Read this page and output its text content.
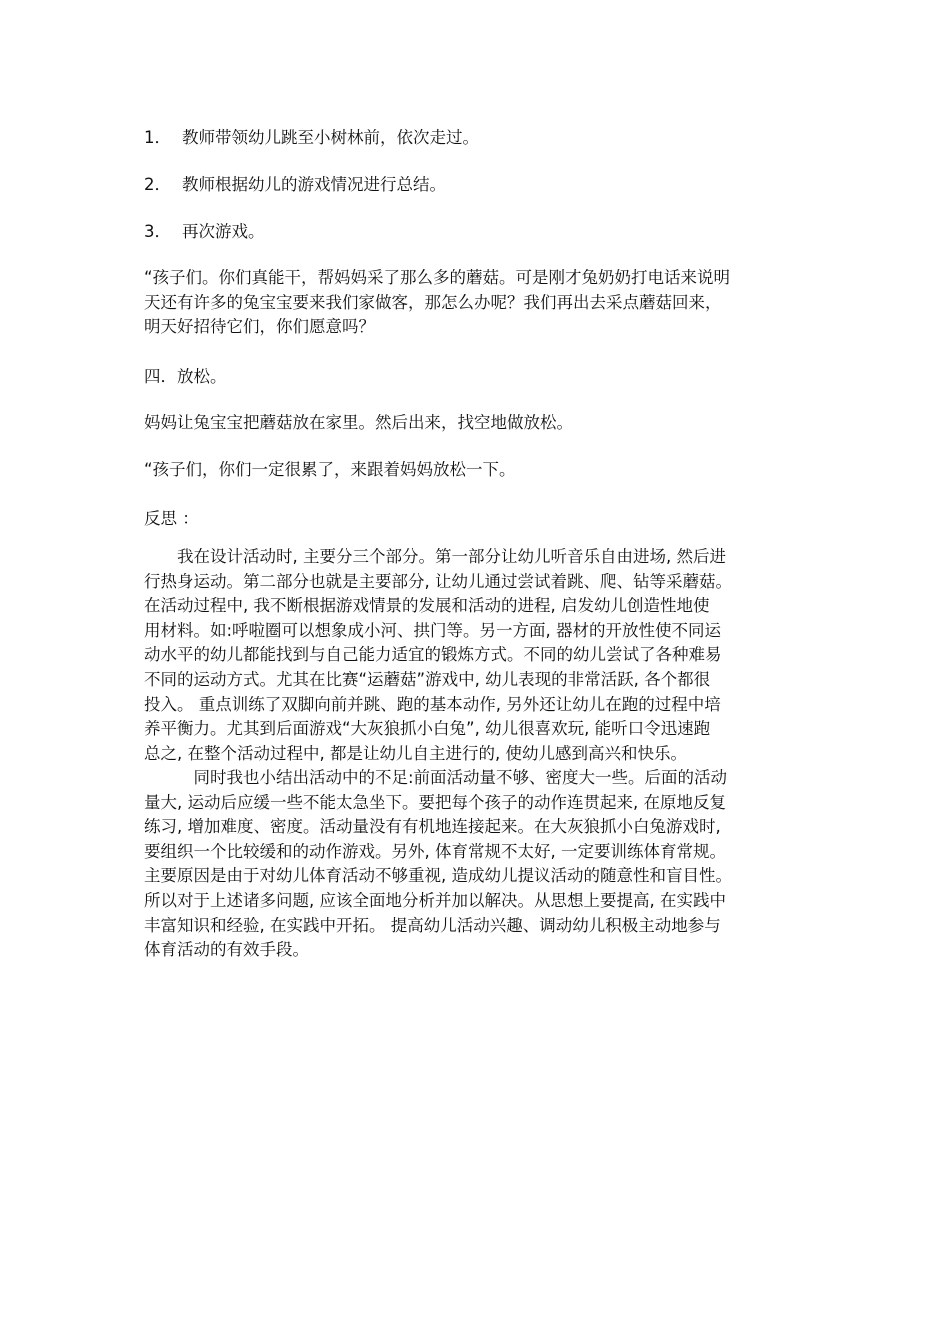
1． 教师带领幼儿跳至小树林前，依次走过。
2． 教师根据幼儿的游戏情况进行总结。
3． 再次游戏。
“孩子们。你们真能干，帮妈妈采了那么多的蘑菇。可是刚才兔奶奶打电话来说明
天还有许多的兔宝宝要来我们家做客，那怎么办呢？我们再出去采点蘑菇回来，
明天好招待它们，你们愿意吗？
四．放松。
妈妈让兔宝宝把蘑菇放在家里。然后出来，找空地做放松。
“孩子们，你们一定很累了，来跟着妈妈放松一下。
反思 ：
　　我在设计活动时, 主要分三个部分。第一部分让幼儿听音乐自由进场, 然后进
行热身运动。第二部分也就是主要部分, 让幼儿通过尝试着跳、爬、钻等采蘑菇。
在活动过程中, 我不断根据游戏情景的发展和活动的进程, 启发幼儿创造性地使
用材料。如:呼啦圈可以想象成小河、拱门等。另一方面, 器材的开放性使不同运
动水平的幼儿都能找到与自己能力适宜的锻炼方式。不同的幼儿尝试了各种难易
不同的运动方式。尤其在比赛“运蘑菇”游戏中, 幼儿表现的非常活跃, 各个都很
投入。 重点训练了双脚向前并跳、跑的基本动作, 另外还让幼儿在跑的过程中培
养平衡力。尤其到后面游戏“大灰狼抓小白兔”, 幼儿很喜欢玩, 能听口令迅速跑
总之, 在整个活动过程中, 都是让幼儿自主进行的, 使幼儿感到高兴和快乐。
　　　同时我也小结出活动中的不足:前面活动量不够、密度大一些。后面的活动
量大, 运动后应缓一些不能太急坐下。要把每个孩子的动作连贯起来, 在原地反复
练习, 增加难度、密度。活动量没有有机地连接起来。在大灰狼抓小白兔游戏时,
要组织一个比较缓和的动作游戏。另外, 体育常规不太好, 一定要训练体育常规。
主要原因是由于对幼儿体育活动不够重视, 造成幼儿提议活动的随意性和盲目性。
所以对于上述诸多问题, 应该全面地分析并加以解决。从思想上要提高, 在实践中
丰富知识和经验, 在实践中开拓。 提高幼儿活动兴趣、调动幼儿积极主动地参与
体育活动的有效手段。
